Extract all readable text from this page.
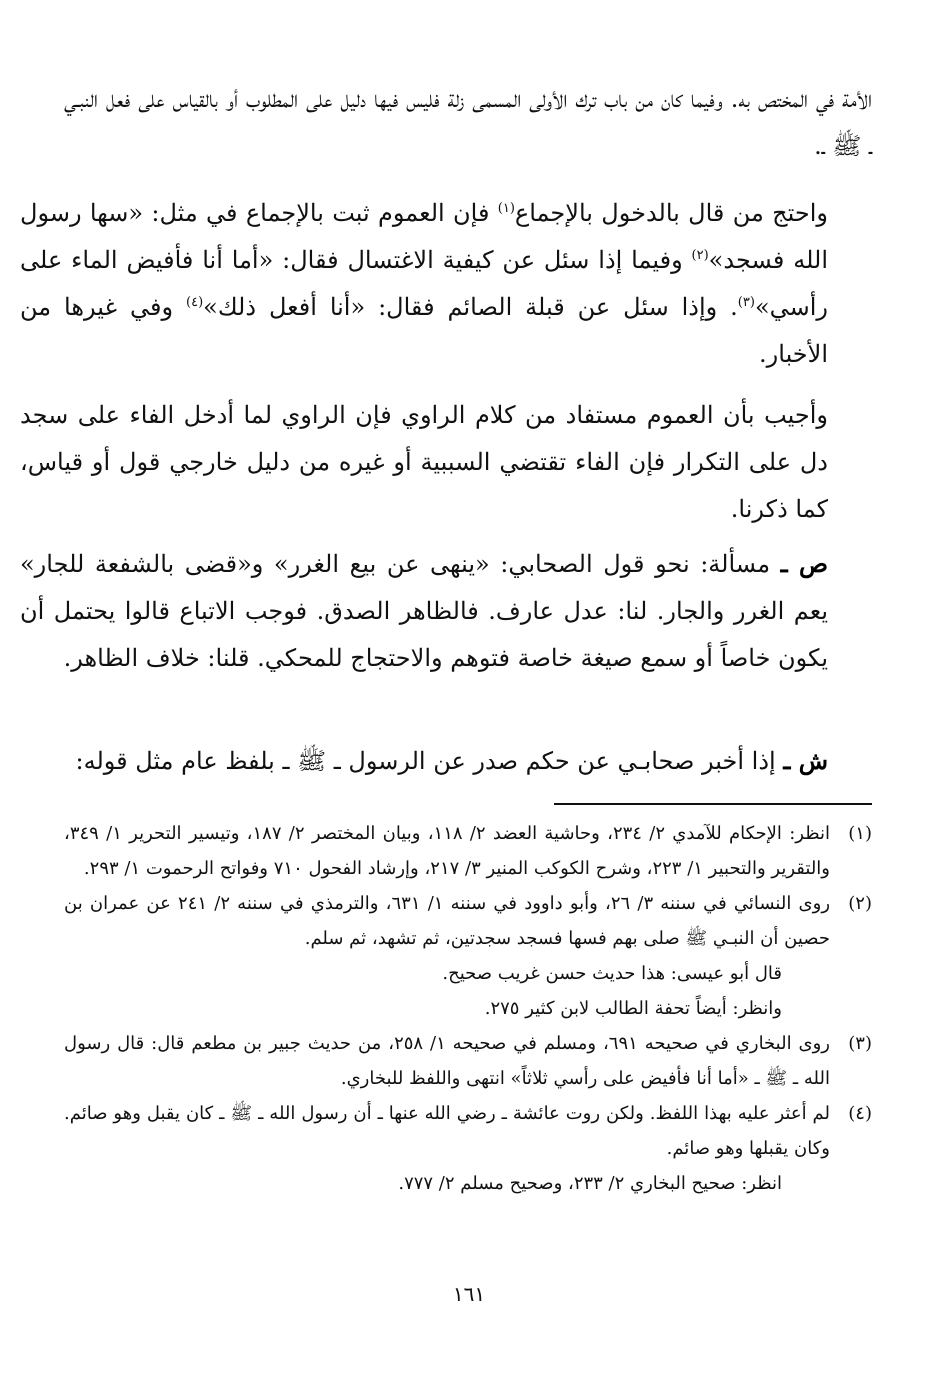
الأمة في المختص به. وفيما كان من باب ترك الأولى المسمى زلة فليس فيها دليل على المطلوب أو بالقياس على فعل النبـي ـ ﷺ ـ.

واحتج من قال بالدخول بالإجماع$^{(١)}$ فإن العموم ثبت بالإجماع في مثل: «سها رسول الله فسجد»$^{(٢)}$ وفيما إذا سئل عن كيفية الاغتسال فقال: «أما أنا فأفيض الماء على رأسي»$^{(٣)}$. وإذا سئل عن قبلة الصائم فقال: «أنا أفعل ذلك»$^{(٤)}$ وفي غيرها من الأخبار.

وأجيب بأن العموم مستفاد من كلام الراوي فإن الراوي لما أدخل الفاء على سجد دل على التكرار فإن الفاء تقتضي السببية أو غيره من دليل خارجي قول أو قياس، كما ذكرنا.

ص ـ مسألة: نحو قول الصحابي: «ينهى عن بيع الغرر» و«قضى بالشفعة للجار» يعم الغرر والجار. لنا: عدل عارف. فالظاهر الصدق. فوجب الاتباع قالوا يحتمل أن يكون خاصاً أو سمع صيغة خاصة فتوهم والاحتجاج للمحكي. قلنا: خلاف الظاهر.

ش ـ إذا أخبر صحابـي عن حكم صدر عن الرسول ـ ﷺ ـ بلفظ عام مثل قوله:

(١)
انظر: الإحكام للآمدي ٢/ ٢٣٤، وحاشية العضد ٢/ ١١٨، وبيان المختصر ٢/ ١٨٧، وتيسير التحرير ١/ ٣٤٩، والتقرير والتحبير ١/ ٢٢٣، وشرح الكوكب المنير ٣/ ٢١٧، وإرشاد الفحول ٧١٠ وفواتح الرحموت ١/ ٢٩٣.
(٢)
روى النسائي في سننه ٣/ ٢٦، وأبو داوود في سننه ١/ ٦٣١، والترمذي في سننه ٢/ ٢٤١ عن عمران بن حصين أن النبـي ﷺ صلى بهم فسها فسجد سجدتين، ثم تشهد، ثم سلم.
قال أبو عيسى: هذا حديث حسن غريب صحيح.
وانظر: أيضاً تحفة الطالب لابن كثير ٢٧٥.
(٣)
روى البخاري في صحيحه ٦٩١، ومسلم في صحيحه ١/ ٢٥٨، من حديث جبير بن مطعم قال: قال رسول الله ـ ﷺ ـ «أما أنا فأفيض على رأسي ثلاثاً» انتهى واللفظ للبخاري.
(٤)
لم أعثر عليه بهذا اللفظ. ولكن روت عائشة ـ رضي الله عنها ـ أن رسول الله ـ ﷺ ـ كان يقبل وهو صائم. وكان يقبلها وهو صائم.
انظر: صحيح البخاري ٢/ ٢٣٣، وصحيح مسلم ٢/ ٧٧٧.
١٦١
